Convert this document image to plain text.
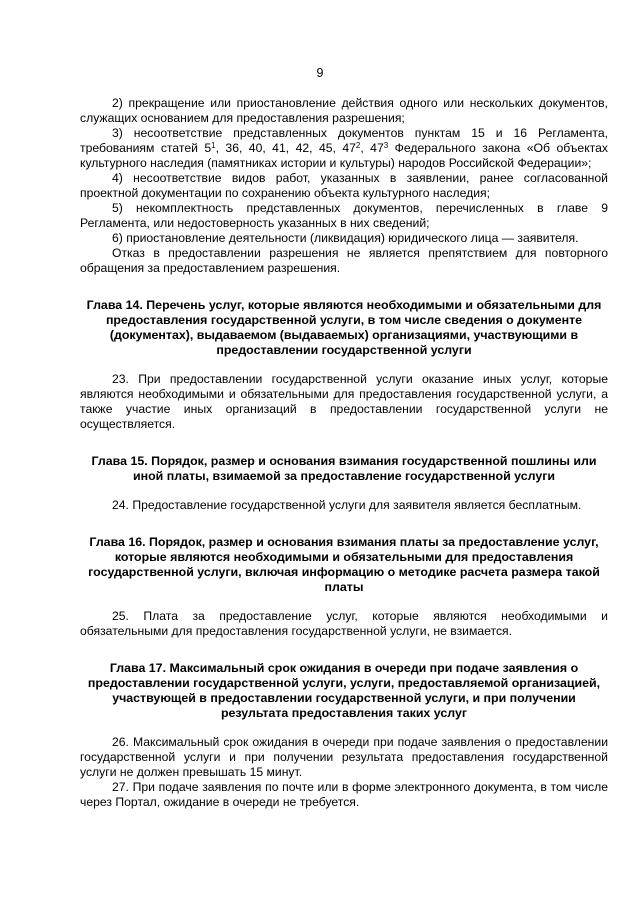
9

2) прекращение или приостановление действия одного или нескольких документов, служащих основанием для предоставления разрешения;

3) несоответствие представленных документов пунктам 15 и 16 Регламента, требованиям статей $5^1$, 36, 40, 41, 42, 45, $47^2$, $47^3$ Федерального закона «Об объектах культурного наследия (памятниках истории и культуры) народов Российской Федерации»;

4) несоответствие видов работ, указанных в заявлении, ранее согласованной проектной документации по сохранению объекта культурного наследия;

5) некомплектность представленных документов, перечисленных в главе 9 Регламента, или недостоверность указанных в них сведений;

6) приостановление деятельности (ликвидация) юридического лица — заявителя.

Отказ в предоставлении разрешения не является препятствием для повторного обращения за предоставлением разрешения.

Глава 14. Перечень услуг, которые являются необходимыми и обязательными для предоставления государственной услуги, в том числе сведения о документе (документах), выдаваемом (выдаваемых) организациями, участвующими в предоставлении государственной услуги

23. При предоставлении государственной услуги оказание иных услуг, которые являются необходимыми и обязательными для предоставления государственной услуги, а также участие иных организаций в предоставлении государственной услуги не осуществляется.

Глава 15. Порядок, размер и основания взимания государственной пошлины или иной платы, взимаемой за предоставление государственной услуги

24. Предоставление государственной услуги для заявителя является бесплатным.

Глава 16. Порядок, размер и основания взимания платы за предоставление услуг, которые являются необходимыми и обязательными для предоставления государственной услуги, включая информацию о методике расчета размера такой платы

25. Плата за предоставление услуг, которые являются необходимыми и обязательными для предоставления государственной услуги, не взимается.

Глава 17. Максимальный срок ожидания в очереди при подаче заявления о предоставлении государственной услуги, услуги, предоставляемой организацией, участвующей в предоставлении государственной услуги, и при получении результата предоставления таких услуг

26. Максимальный срок ожидания в очереди при подаче заявления о предоставлении государственной услуги и при получении результата предоставления государственной услуги не должен превышать 15 минут.

27. При подаче заявления по почте или в форме электронного документа, в том числе через Портал, ожидание в очереди не требуется.
